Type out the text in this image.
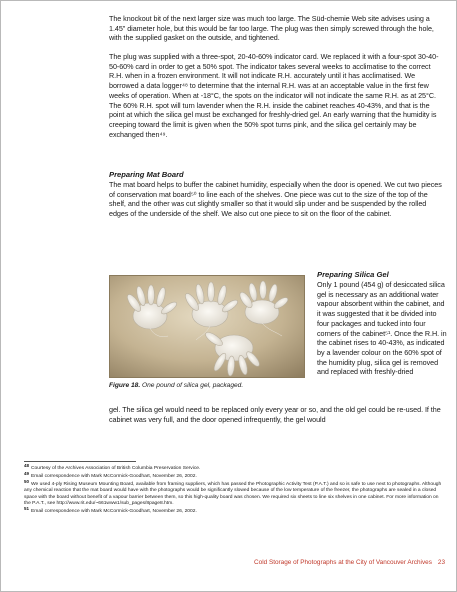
The knockout bit of the next larger size was much too large. The Süd-chemie Web site advises using a 1.45" diameter hole, but this would be far too large. The plug was then simply screwed through the hole, with the supplied gasket on the outside, and tightened.

The plug was supplied with a three-spot, 20-40-60% indicator card. We replaced it with a four-spot 30-40-50-60% card in order to get a 50% spot. The indicator takes several weeks to acclimatise to the correct R.H. when in a frozen environment. It will not indicate R.H. accurately until it has acclimatised. We borrowed a data logger⁴⁸ to determine that the internal R.H. was at an acceptable value in the first few weeks of operation. When at -18°C, the spots on the indicator will not indicate the same R.H. as at 25°C. The 60% R.H. spot will turn lavender when the R.H. inside the cabinet reaches 40-43%, and that is the point at which the silica gel must be exchanged for freshly-dried gel. An early warning that the humidity is creeping toward the limit is given when the 50% spot turns pink, and the silica gel certainly may be exchanged then⁴⁹.

Preparing Mat Board

The mat board helps to buffer the cabinet humidity, especially when the door is opened. We cut two pieces of conservation mat board⁵⁰ to line each of the shelves. One piece was cut to the size of the top of the shelf, and the other was cut slightly smaller so that it would slip under and be suspended by the rolled edges of the underside of the shelf. We also cut one piece to sit on the floor of the cabinet.

Figure 18. One pound of silica gel, packaged.

Preparing Silica Gel

Only 1 pound (454 g) of desiccated silica gel is necessary as an additional water vapour absorbent within the cabinet, and it was suggested that it be divided into four packages and tucked into four corners of the cabinet⁵¹. Once the R.H. in the cabinet rises to 40-43%, as indicated by a lavender colour on the 60% spot of the humidity plug, silica gel is removed and replaced with freshly-dried

gel. The silica gel would need to be replaced only every year or so, and the old gel could be re-used. If the cabinet was very full, and the door opened infrequently, the gel would

$^{48}$Courtesy of the Archives Association of British Columbia Preservation Service.

$^{49}$Email correspondence with Mark McCormick-Goodhart, November 26, 2002.

$^{50}$We used 4-ply Rising Museum Mounting Board, available from framing suppliers, which has passed the Photographic Activity Test (P.A.T.) and so is safe to use next to photographs. Although any chemical reaction that the mat board would have with the photographs would be significantly slowed because of the low temperature of the freezer, the photographs are sealed in a closed space with the board without benefit of a vapour barrier between them, so this high-quality board was chosen. We required six sheets to line six shelves in one cabinet. For more information on the P.A.T., see http://www.rit.edu/~661www1/sub_pages/8page8.htm.

$^{51}$Email correspondence with Mark McCormick-Goodhart, November 26, 2002.

Cold Storage of Photographs at the City of Vancouver Archives 23
